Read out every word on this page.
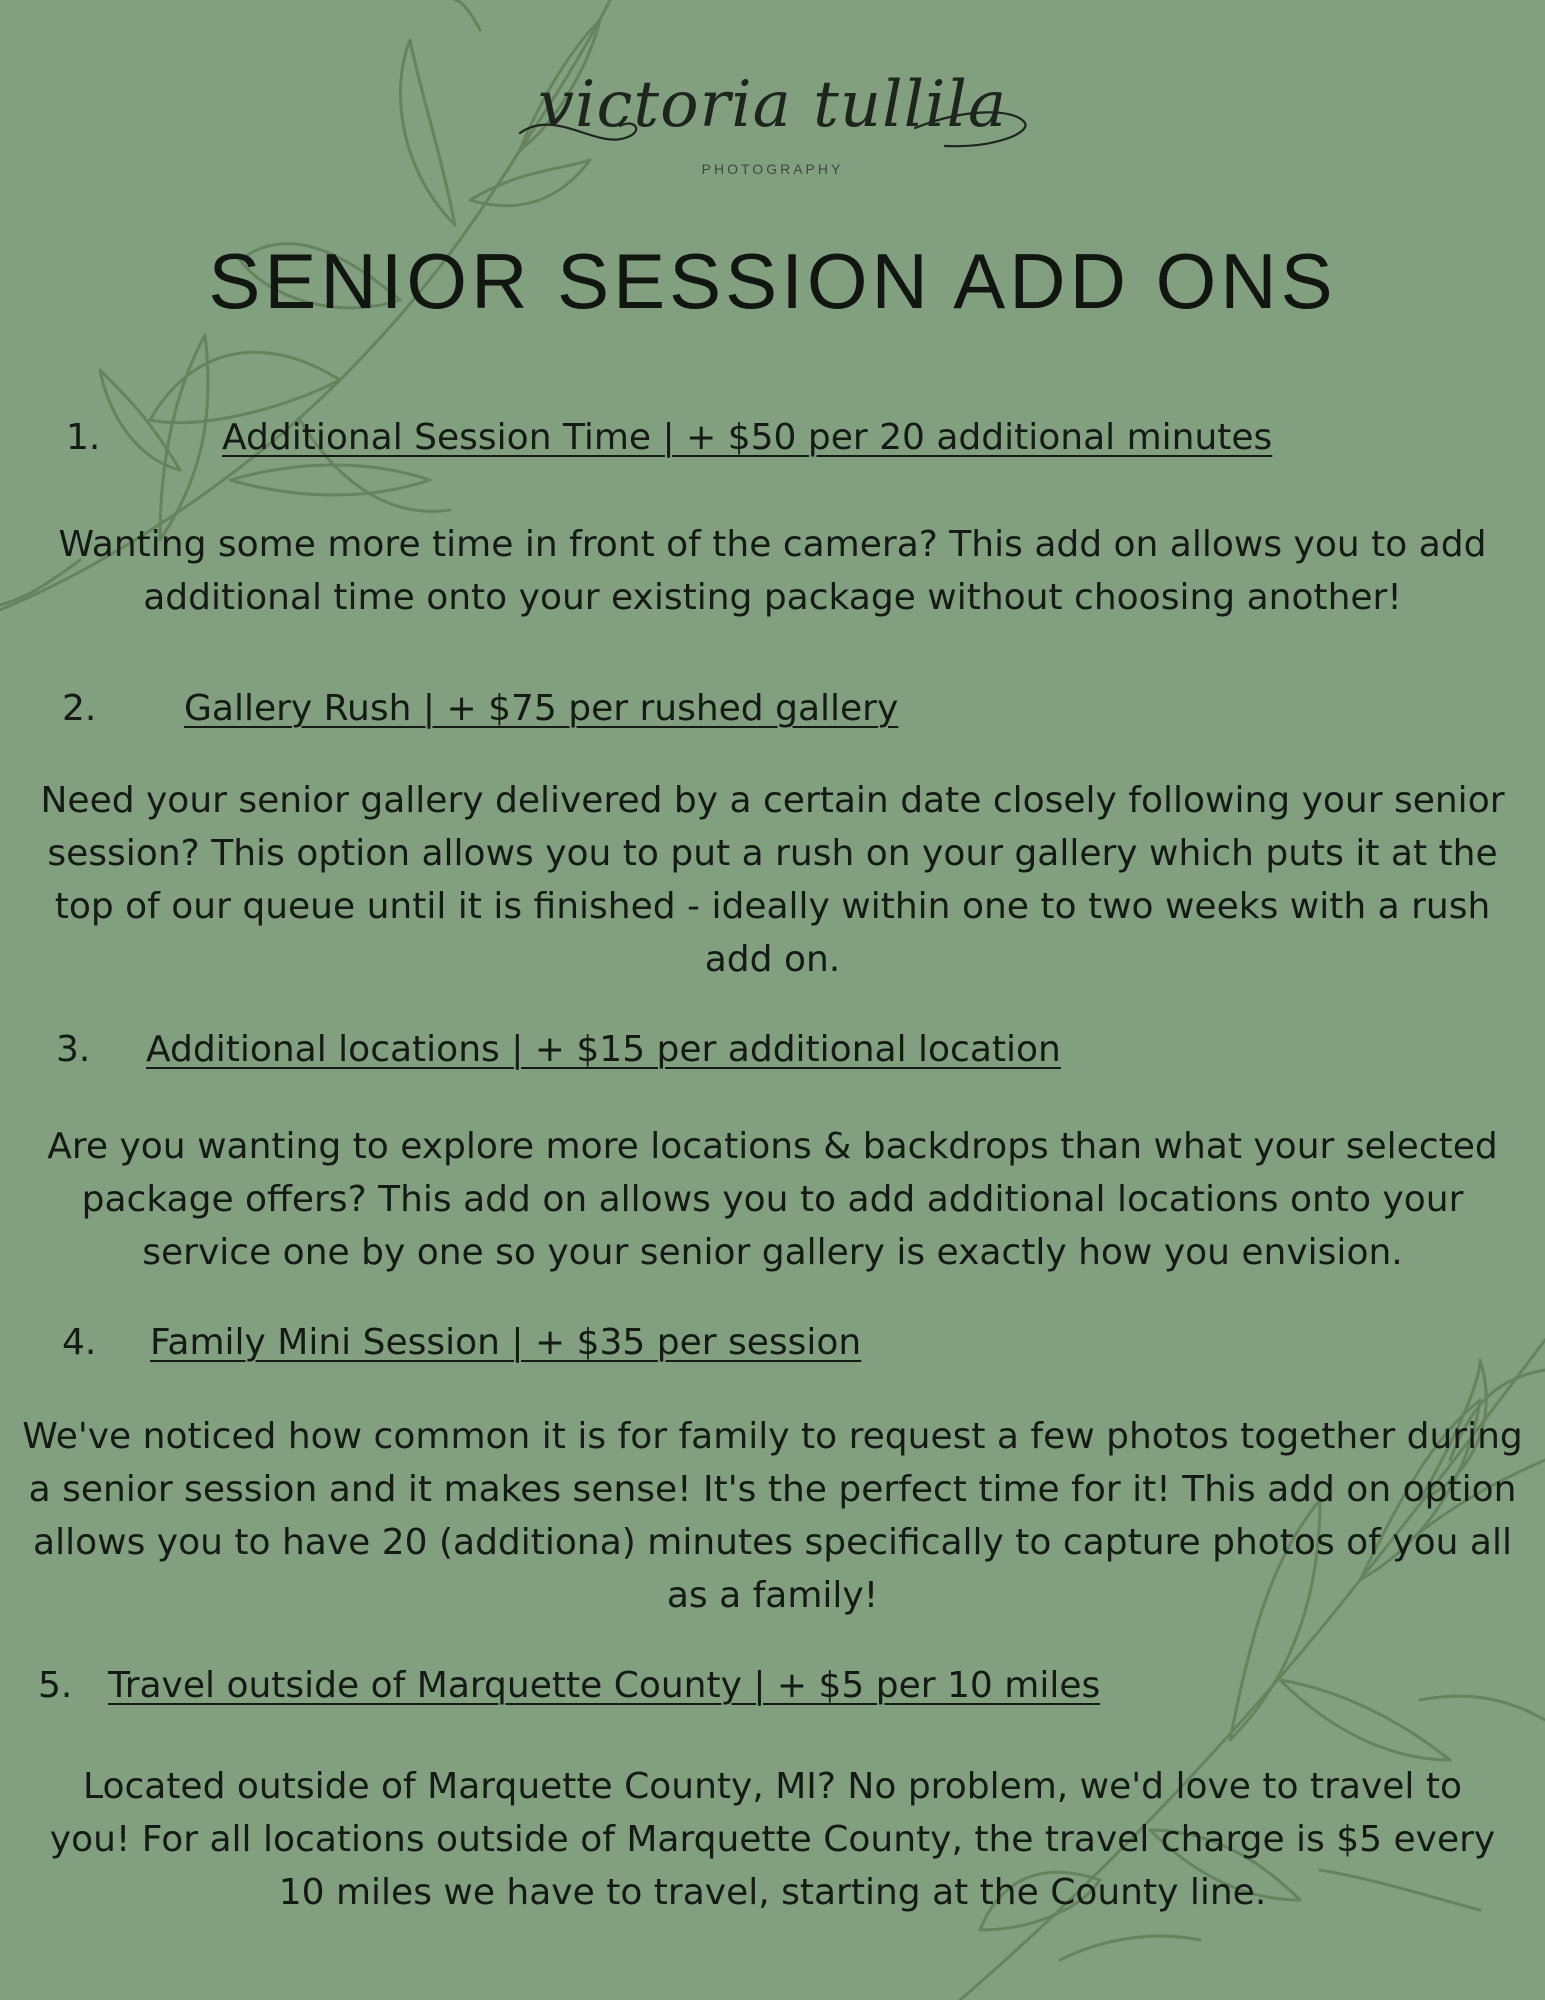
victoria tullila
PHOTOGRAPHY
SENIOR SESSION ADD ONS
1.	Additional Session Time | + $50 per 20 additional minutes

Wanting some more time in front of the camera? This add on allows you to add additional time onto your existing package without choosing another!

2. Gallery Rush | + $75 per rushed gallery

Need your senior gallery delivered by a certain date closely following your senior session? This option allows you to put a rush on your gallery which puts it at the top of our queue until it is finished - ideally within one to two weeks with a rush add on.

3. Additional locations | + $15 per additional location

Are you wanting to explore more locations & backdrops than what your selected package offers? This add on allows you to add additional locations onto your service one by one so your senior gallery is exactly how you envision.

4. Family Mini Session | + $35 per session

We've noticed how common it is for family to request a few photos together during a senior session and it makes sense! It's the perfect time for it! This add on option allows you to have 20 (additiona) minutes specifically to capture photos of you all as a family!

5. Travel outside of Marquette County | + $5 per 10 miles

Located outside of Marquette County, MI? No problem, we'd love to travel to you! For all locations outside of Marquette County, the travel charge is $5 every 10 miles we have to travel, starting at the County line.
